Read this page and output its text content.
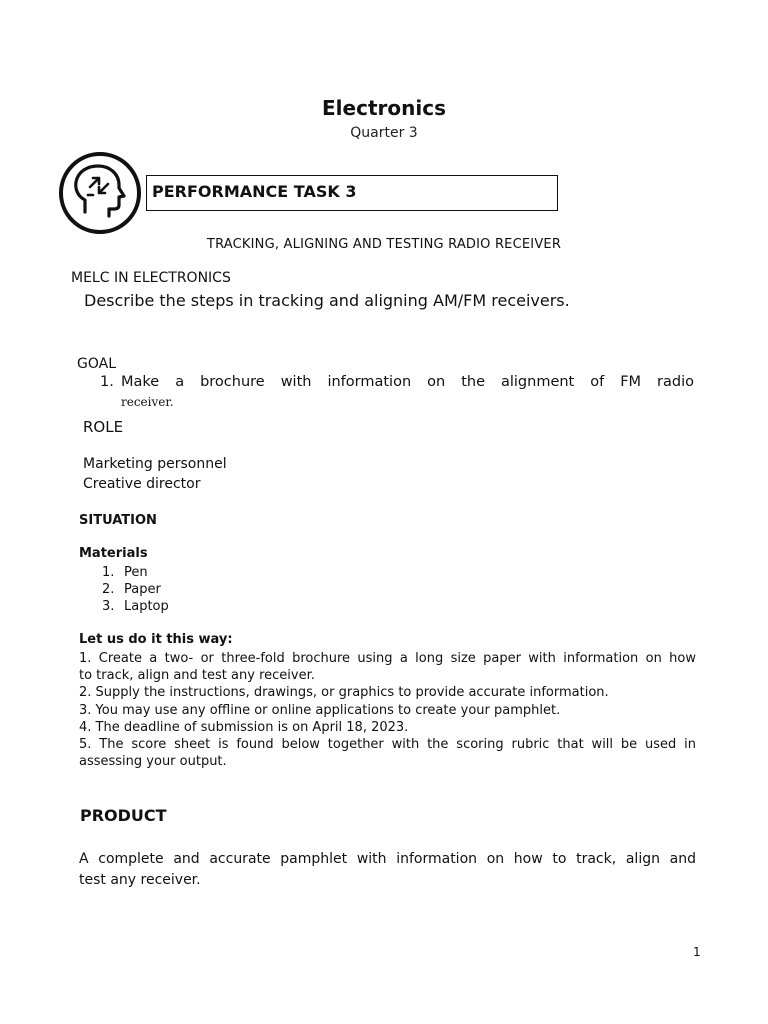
Electronics
Quarter 3
PERFORMANCE TASK 3
TRACKING, ALIGNING AND TESTING RADIO RECEIVER
MELC IN ELECTRONICS
Describe the steps in tracking and aligning AM/FM receivers.
GOAL
1. Make a brochure with information on the alignment of FM radio
receiver.
ROLE
Marketing personnel
Creative director
SITUATION
Materials
1. Pen
2. Paper
3. Laptop
Let us do it this way:
1. Create a two- or three-fold brochure using a long size paper with information on how
to track, align and test any receiver.
2. Supply the instructions, drawings, or graphics to provide accurate information.
3. You may use any offline or online applications to create your pamphlet.
4. The deadline of submission is on April 18, 2023.
5. The score sheet is found below together with the scoring rubric that will be used in
assessing your output.
PRODUCT
A complete and accurate pamphlet with information on how to track, align and
test any receiver.
1
